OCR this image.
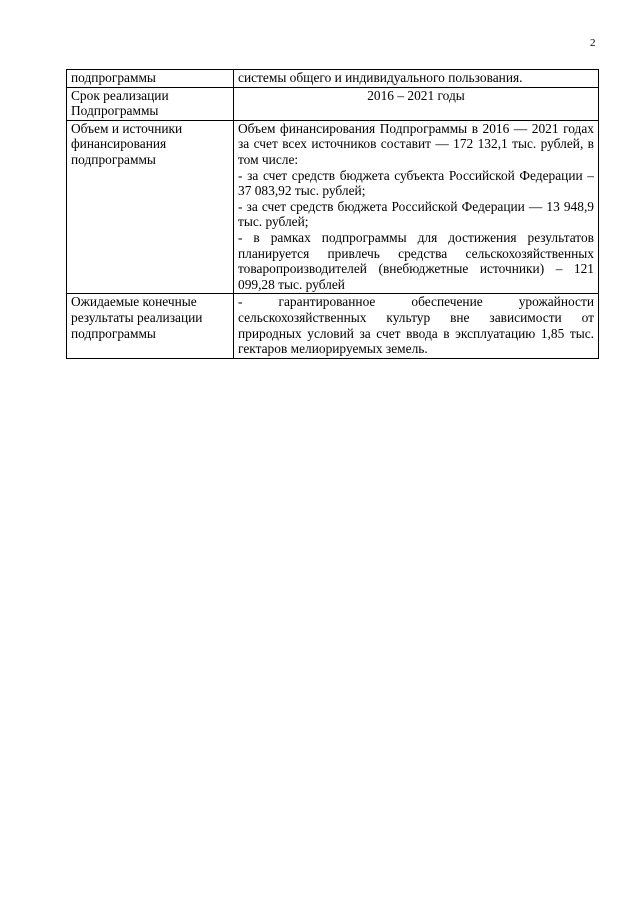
2
подпрограммы	системы общего и индивидуального пользования.

Срок реализации Подпрограммы	2016 – 2021 годы

Объем и источники финансирования подпрограммы	Объем финансирования Подпрограммы в 2016 — 2021 годах за счет всех источников составит — 172 132,1 тыс. рублей, в том числе:

- за счет средств бюджета субъекта Российской Федерации – 37 083,92 тыс. рублей;

- за счет средств бюджета Российской Федерации — 13 948,9 тыс. рублей;

- в рамках подпрограммы для достижения результатов планируется привлечь средства сельскохозяйственных товаропроизводителей (внебюджетные источники) – 121 099,28 тыс. рублей

Ожидаемые конечные результаты реализации подпрограммы	- гарантированное обеспечение урожайности сельскохозяйственных культур вне зависимости от природных условий за счет ввода в эксплуатацию 1,85 тыс. гектаров мелиорируемых земель.
